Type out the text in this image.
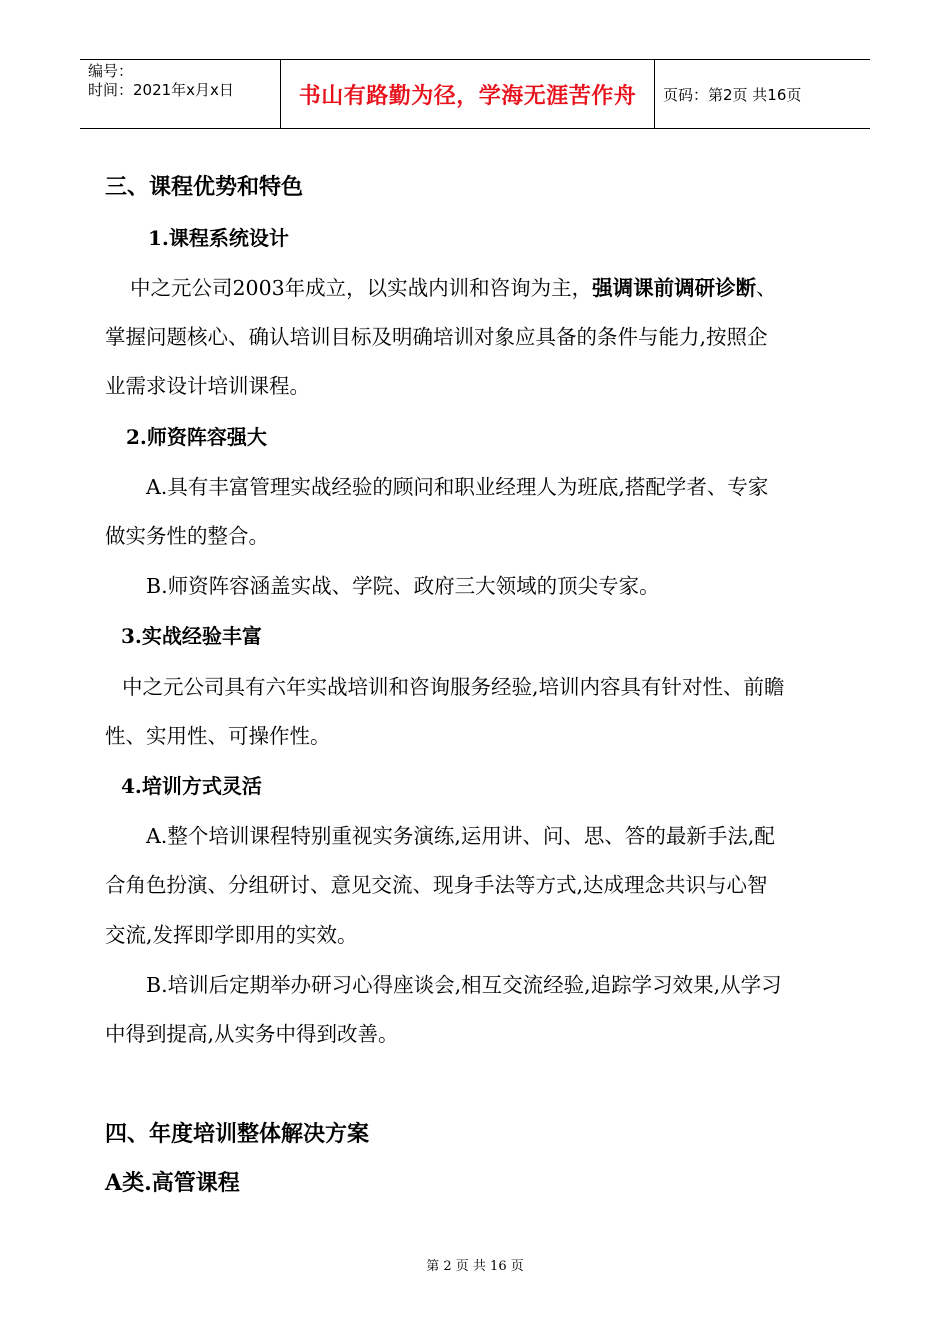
编号：
时间：2021年x月x日	书山有路勤为径，学海无涯苦作舟 页码：第2页 共16页
三、课程优势和特色
1.课程系统设计
中之元公司2003年成立，以实战内训和咨询为主，强调课前调研诊断、
掌握问题核心、确认培训目标及明确培训对象应具备的条件与能力,按照企
业需求设计培训课程。
2.师资阵容强大
A.具有丰富管理实战经验的顾问和职业经理人为班底,搭配学者、专家
做实务性的整合。
B.师资阵容涵盖实战、学院、政府三大领域的顶尖专家。
3.实战经验丰富
中之元公司具有六年实战培训和咨询服务经验,培训内容具有针对性、前瞻
性、实用性、可操作性。
4.培训方式灵活
A.整个培训课程特别重视实务演练,运用讲、问、思、答的最新手法,配
合角色扮演、分组研讨、意见交流、现身手法等方式,达成理念共识与心智
交流,发挥即学即用的实效。
B.培训后定期举办研习心得座谈会,相互交流经验,追踪学习效果,从学习
中得到提高,从实务中得到改善。
四、年度培训整体解决方案
A类.高管课程
第 2 页 共 16 页
